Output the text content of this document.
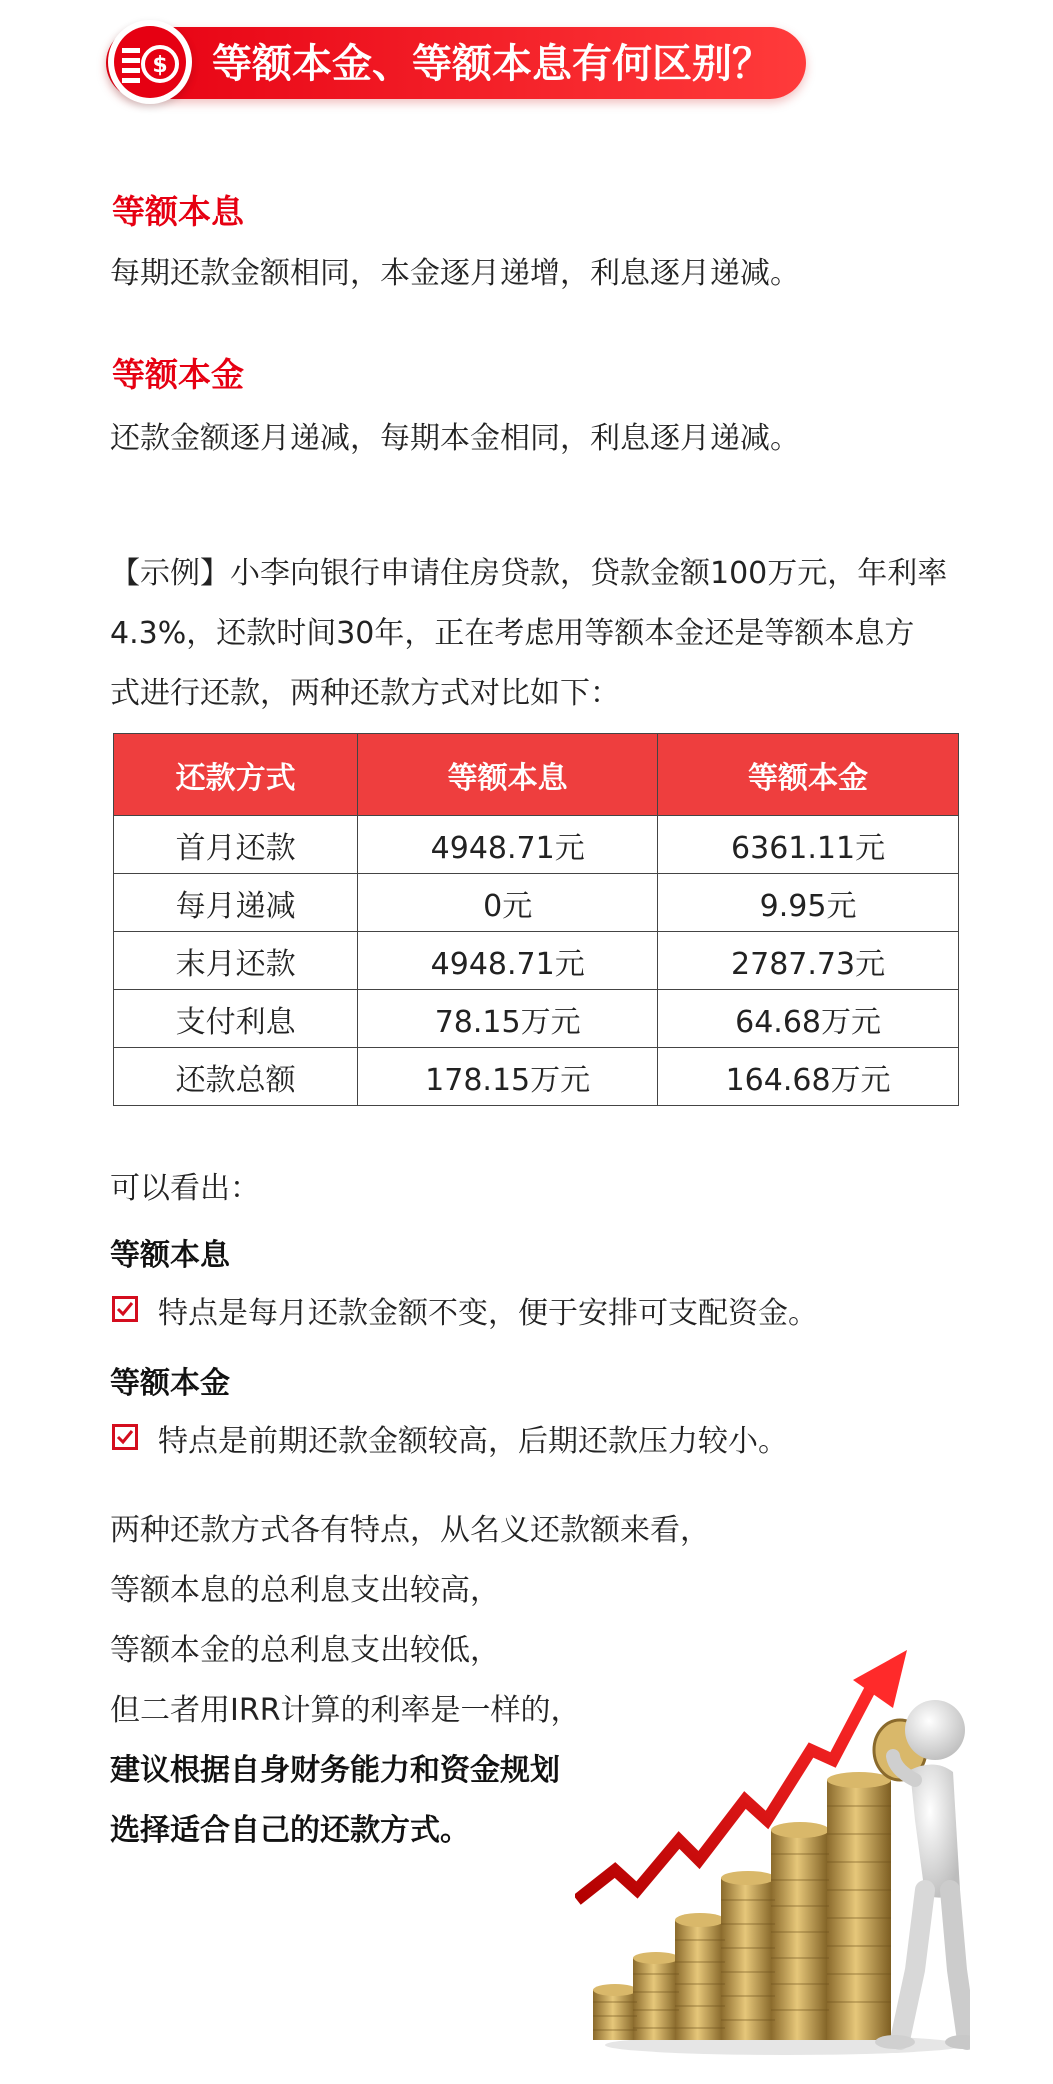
$ 等额本金、等额本息有何区别？
等额本息
每期还款金额相同，本金逐月递增，利息逐月递减。
等额本金
还款金额逐月递减，每期本金相同，利息逐月递减。
【示例】小李向银行申请住房贷款，贷款金额100万元，年利率
4.3%，还款时间30年，正在考虑用等额本金还是等额本息方
式进行还款，两种还款方式对比如下：
还款方式	等额本息	等额本金
首月还款	4948.71元	6361.11元
每月递减	0元	9.95元
末月还款	4948.71元	2787.73元
支付利息	78.15万元	64.68万元
还款总额	178.15万元	164.68万元
可以看出：
等额本息
特点是每月还款金额不变，便于安排可支配资金。
等额本金
特点是前期还款金额较高，后期还款压力较小。
两种还款方式各有特点，从名义还款额来看，
等额本息的总利息支出较高，
等额本金的总利息支出较低，
但二者用IRR计算的利率是一样的，
建议根据自身财务能力和资金规划
选择适合自己的还款方式。
